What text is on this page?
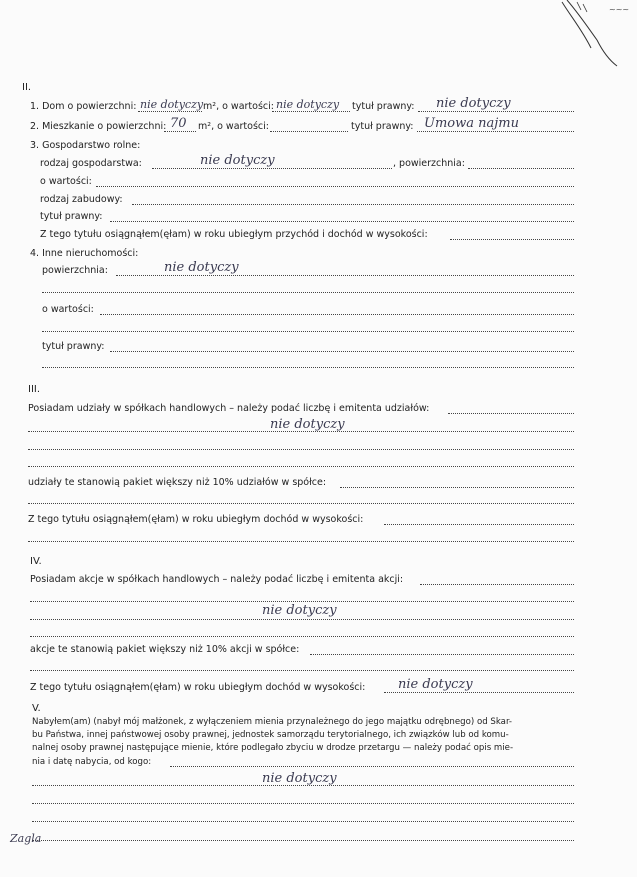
~~~
II.
1. Dom o powierzchni: nie dotyczy m², o wartości: nie dotyczy tytuł prawny: nie dotyczy
2. Mieszkanie o powierzchni: 70 m², o wartości:	tytuł prawny: Umowa najmu
3. Gospodarstwo rolne:
rodzaj gospodarstwa:	nie dotyczy	, powierzchnia:
o wartości:
rodzaj zabudowy:
tytuł prawny:
Z tego tytułu osiągnąłem(ęłam) w roku ubiegłym przychód i dochód w wysokości:
4. Inne nieruchomości:
powierzchnia:	nie dotyczy
o wartości:
tytuł prawny:
III.
Posiadam udziały w spółkach handlowych – należy podać liczbę i emitenta udziałów:
nie dotyczy
udziały te stanowią pakiet większy niż 10% udziałów w spółce:
Z tego tytułu osiągnąłem(ęłam) w roku ubiegłym dochód w wysokości:
IV.
Posiadam akcje w spółkach handlowych – należy podać liczbę i emitenta akcji:
nie dotyczy
akcje te stanowią pakiet większy niż 10% akcji w spółce:
Z tego tytułu osiągnąłem(ęłam) w roku ubiegłym dochód w wysokości:	nie dotyczy
V.
Nabyłem(am) (nabył mój małżonek, z wyłączeniem mienia przynależnego do jego majątku odrębnego) od Skar-
bu Państwa, innej państwowej osoby prawnej, jednostek samorządu terytorialnego, ich związków lub od komu-
nalnej osoby prawnej następujące mienie, które podlegało zbyciu w drodze przetargu — należy podać opis mie-
nia i datę nabycia, od kogo:
nie dotyczy
Zagla
